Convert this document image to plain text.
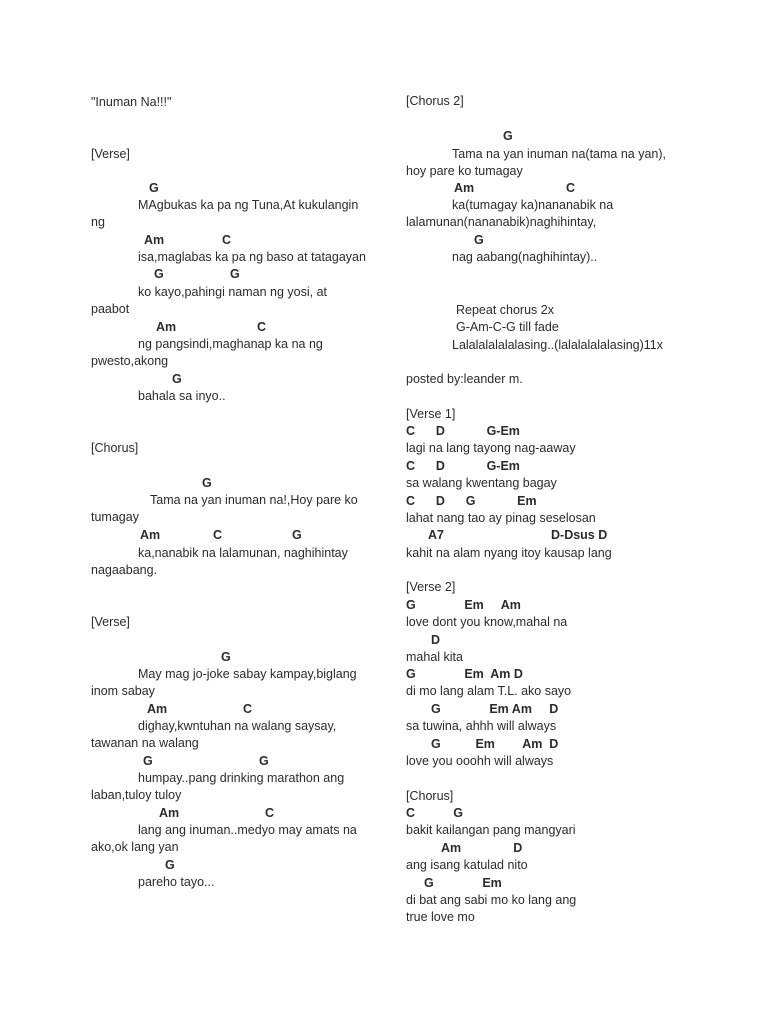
"Inuman Na!!!"
[Verse]
G
MAgbukas ka pa ng Tuna,At kukulangin
ng
Am	C
isa,maglabas ka pa ng baso at tatagayan
G	G
ko kayo,pahingi naman ng yosi, at
paabot
Am	C
ng pangsindi,maghanap ka na ng
pwesto,akong
G
bahala sa inyo..
[Chorus]
G
Tama na yan inuman na!,Hoy pare ko
tumagay
Am	C	G
ka,nanabik na lalamunan, naghihintay
nagaabang.
[Verse]
G
May mag jo-joke sabay kampay,biglang
inom sabay
Am	C
dighay,kwntuhan na walang saysay,
tawanan na walang
G	G
humpay..pang drinking marathon ang
laban,tuloy tuloy
Am	C
lang ang inuman..medyo may amats na
ako,ok lang yan
G
pareho tayo...
[Chorus 2]
G
Tama na yan inuman na(tama na yan),
hoy pare ko tumagay
Am	C
ka(tumagay ka)nananabik na
lalamunan(nananabik)naghihintay,
G
nag aabang(naghihintay)..
Repeat chorus 2x
G-Am-C-G till fade
Lalalalalalalasing..(lalalalalalasing)11x
posted by:leander m.
[Verse 1]
C      D            G-Em
lagi na lang tayong nag-aaway
C      D            G-Em
sa walang kwentang bagay
C      D      G            Em
lahat nang tao ay pinag seselosan
A7	D-Dsus D
kahit na alam nyang itoy kausap lang
[Verse 2]
G              Em     Am
love dont you know,mahal na
D
mahal kita
G              Em  Am D
di mo lang alam T.L. ako sayo
G              Em Am     D
sa tuwina, ahhh will always
G          Em        Am  D
love you ooohh will always
[Chorus]
C           G
bakit kailangan pang mangyari
Am               D
ang isang katulad nito
G              Em
di bat ang sabi mo ko lang ang
true love mo
